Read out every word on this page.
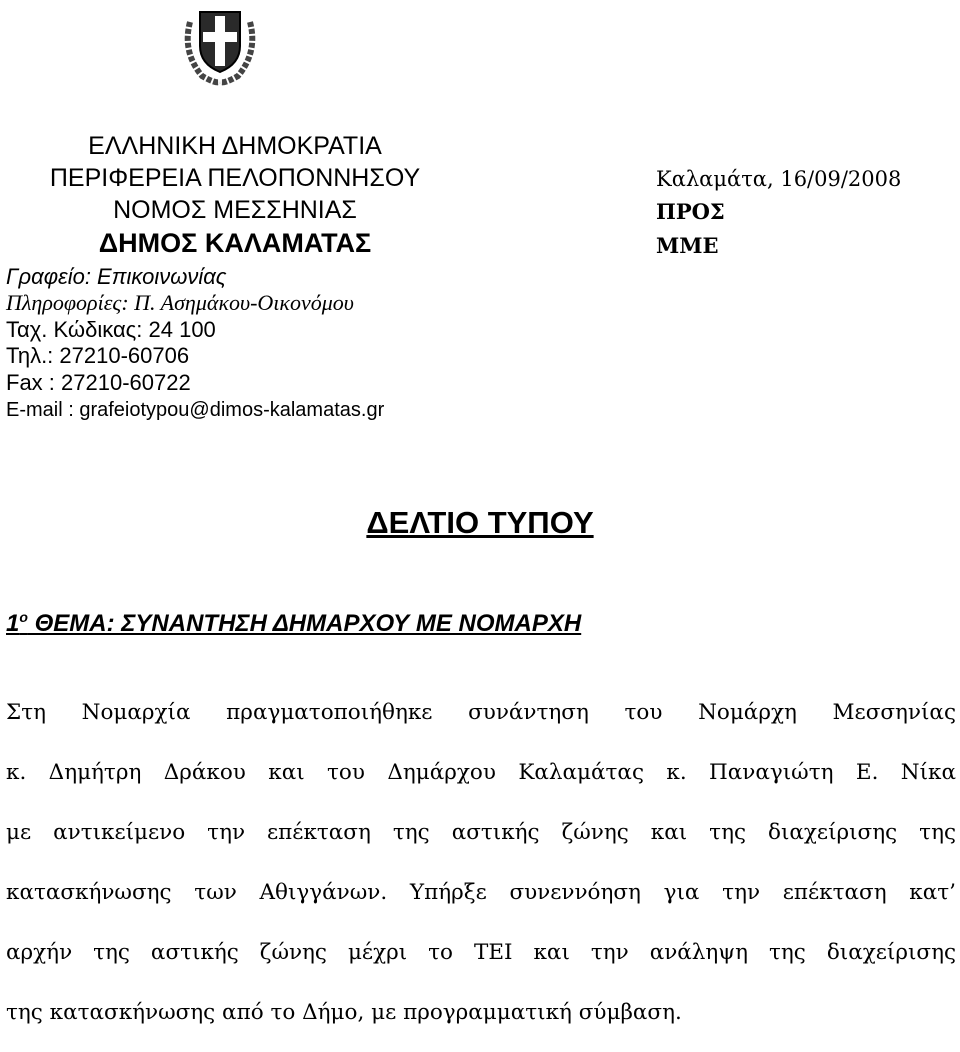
ΕΛΛΗΝΙΚΗ ΔΗΜΟΚΡΑΤΙΑ
ΠΕΡΙΦΕΡΕΙΑ ΠΕΛΟΠΟΝΝΗΣΟΥ
ΝΟΜΟΣ ΜΕΣΣΗΝΙΑΣ
ΔΗΜΟΣ ΚΑΛΑΜΑΤΑΣ
Γραφείο: Επικοινωνίας
Πληροφορίες: Π. Ασημάκου-Οικονόμου
Ταχ. Κώδικας: 24 100
Τηλ.: 27210-60706
Fax : 27210-60722
E-mail : grafeiotypou@dimos-kalamatas.gr
Καλαμάτα, 16/09/2008
ΠΡΟΣ
ΜΜΕ
ΔΕΛΤΙΟ ΤΥΠΟΥ
$1^o$ ΘΕΜΑ: ΣΥΝΑΝΤΗΣΗ ΔΗΜΑΡΧΟΥ ΜΕ ΝΟΜΑΡΧΗ
Στη Νομαρχία πραγματοποιήθηκε συνάντηση του Νομάρχη Μεσσηνίας
κ. Δημήτρη Δράκου και του Δημάρχου Καλαμάτας κ. Παναγιώτη Ε. Νίκα
με αντικείμενο την επέκταση της αστικής ζώνης και της διαχείρισης της
κατασκήνωσης των Αθιγγάνων. Υπήρξε συνεννόηση για την επέκταση κατ’
αρχήν της αστικής ζώνης μέχρι το ΤΕΙ και την ανάληψη της διαχείρισης
της κατασκήνωσης από το Δήμο, με προγραμματική σύμβαση.
